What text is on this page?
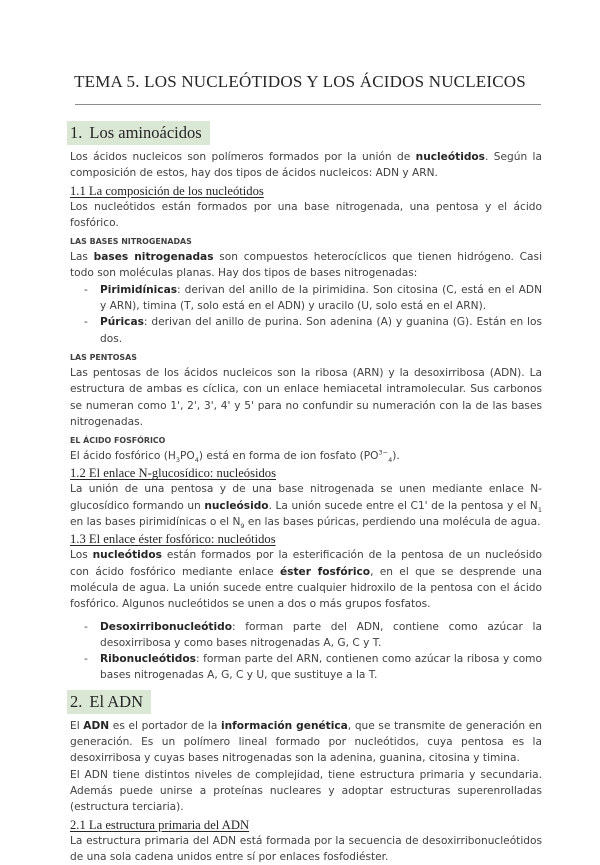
TEMA 5. LOS NUCLEÓTIDOS Y LOS ÁCIDOS NUCLEICOS
1. Los aminoácidos

Los ácidos nucleicos son polímeros formados por la unión de nucleótidos. Según la composición de estos, hay dos tipos de ácidos nucleicos: ADN y ARN.

1.1 La composición de los nucleótidos

Los nucleótidos están formados por una base nitrogenada, una pentosa y el ácido fosfórico.

LAS BASES NITROGENADAS

Las bases nitrogenadas son compuestos heterocíclicos que tienen hidrógeno. Casi todo son moléculas planas. Hay dos tipos de bases nitrogenadas:

- Pirimidínicas: derivan del anillo de la pirimidina. Son citosina (C, está en el ADN y ARN), timina (T, solo está en el ADN) y uracilo (U, solo está en el ARN).
- Púricas: derivan del anillo de purina. Son adenina (A) y guanina (G). Están en los dos.
LAS PENTOSAS

Las pentosas de los ácidos nucleicos son la ribosa (ARN) y la desoxirribosa (ADN). La estructura de ambas es cíclica, con un enlace hemiacetal intramolecular. Sus carbonos se numeran como 1', 2', 3', 4' y 5' para no confundir su numeración con la de las bases nitrogenadas.

EL ÁCIDO FOSFÓRICO

El ácido fosfórico $(H_3PO_4)$ está en forma de ion fosfato $(PO^{3-}_4)$.

1.2 El enlace N-glucosídico: nucleósidos

La unión de una pentosa y de una base nitrogenada se unen mediante enlace N-glucosídico formando un nucleósido. La unión sucede entre el C1' de la pentosa y el $N_1$ en las bases pirimidínicas o el $N_9$ en las bases púricas, perdiendo una molécula de agua.

1.3 El enlace éster fosfórico: nucleótidos

Los nucleótidos están formados por la esterificación de la pentosa de un nucleósido con ácido fosfórico mediante enlace éster fosfórico, en el que se desprende una molécula de agua. La unión sucede entre cualquier hidroxilo de la pentosa con el ácido fosfórico. Algunos nucleótidos se unen a dos o más grupos fosfatos.

- Desoxirribonucleótido: forman parte del ADN, contiene como azúcar la desoxirribosa y como bases nitrogenadas A, G, C y T.
- Ribonucleótidos: forman parte del ARN, contienen como azúcar la ribosa y como bases nitrogenadas A, G, C y U, que sustituye a la T.
2. El ADN

El ADN es el portador de la información genética, que se transmite de generación en generación. Es un polímero lineal formado por nucleótidos, cuya pentosa es la desoxirribosa y cuyas bases nitrogenadas son la adenina, guanina, citosina y timina.

El ADN tiene distintos niveles de complejidad, tiene estructura primaria y secundaria. Además puede unirse a proteínas nucleares y adoptar estructuras superenrolladas (estructura terciaria).

2.1 La estructura primaria del ADN

La estructura primaria del ADN está formada por la secuencia de desoxirribonucleótidos de una sola cadena unidos entre sí por enlaces fosfodiéster.
